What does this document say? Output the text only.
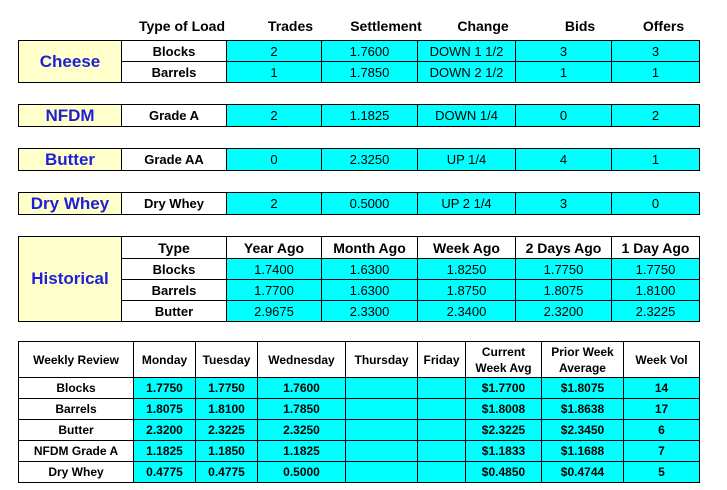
	Type of Load	Trades	Settlement	Change	Bids	Offers
Cheese	Blocks	2	1.7600	DOWN 1 1/2	3	3
	Barrels	1	1.7850	DOWN 2 1/2	1	1
NFDM	Grade A	2	1.1825	DOWN 1/4	0	2
Butter	Grade AA	0	2.3250	UP 1/4	4	1
Dry Whey	Dry Whey	2	0.5000	UP 2 1/4	3	0
Historical	Type	Year Ago	Month Ago	Week Ago	2 Days Ago	1 Day Ago
	Blocks	1.7400	1.6300	1.8250	1.7750	1.7750
	Barrels	1.7700	1.6300	1.8750	1.8075	1.8100
	Butter	2.9675	2.3300	2.3400	2.3200	2.3225
Weekly Review	Monday	Tuesday	Wednesday	Thursday	Friday	Current Week Avg	Prior Week Average	Week Vol
Blocks	1.7750	1.7750	1.7600			$1.7700	$1.8075	14
Barrels	1.8075	1.8100	1.7850			$1.8008	$1.8638	17
Butter	2.3200	2.3225	2.3250			$2.3225	$2.3450	6
NFDM Grade A	1.1825	1.1850	1.1825			$1.1833	$1.1688	7
Dry Whey	0.4775	0.4775	0.5000			$0.4850	$0.4744	5
